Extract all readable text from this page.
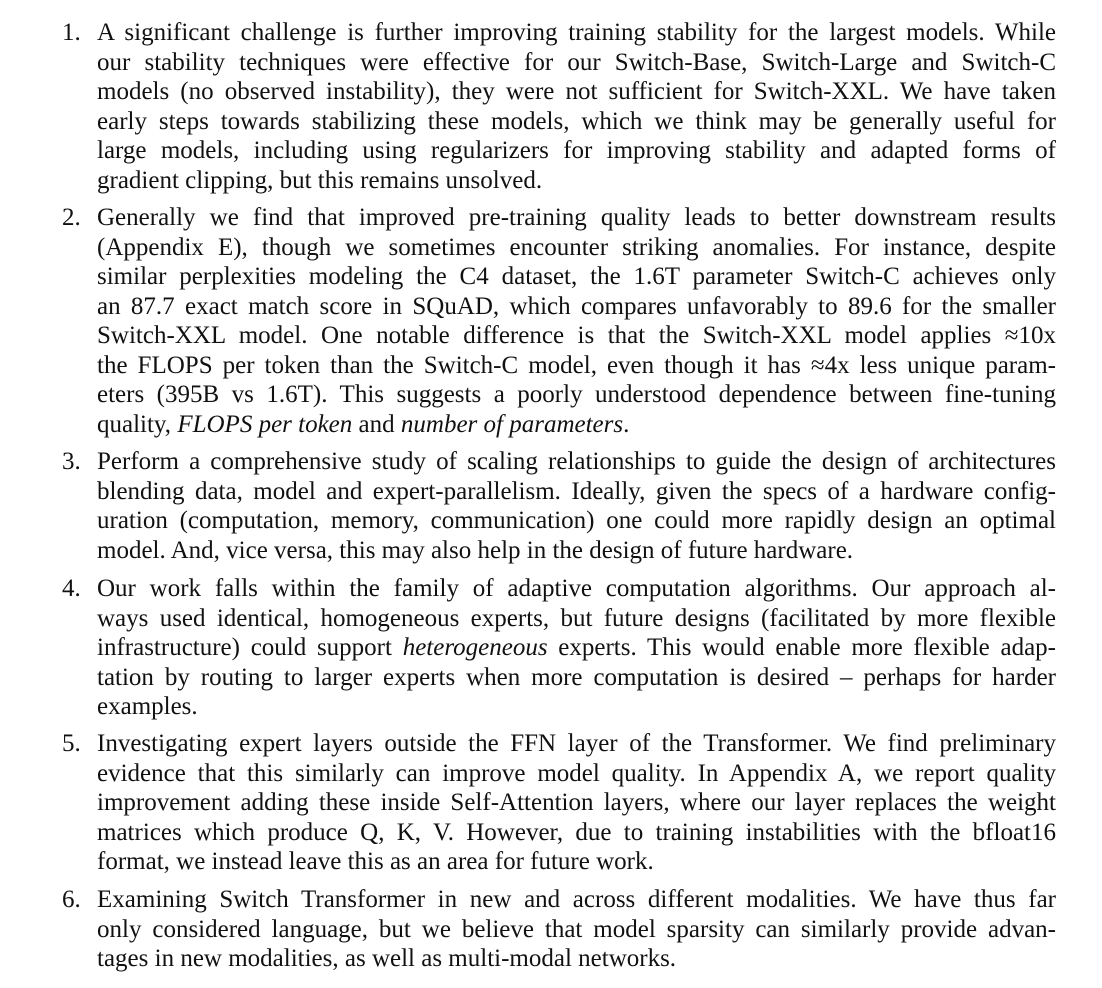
1. A significant challenge is further improving training stability for the largest models. While
our stability techniques were effective for our Switch-Base, Switch-Large and Switch-C
models (no observed instability), they were not sufficient for Switch-XXL. We have taken
early steps towards stabilizing these models, which we think may be generally useful for
large models, including using regularizers for improving stability and adapted forms of
gradient clipping, but this remains unsolved.
2. Generally we find that improved pre-training quality leads to better downstream results
(Appendix E), though we sometimes encounter striking anomalies. For instance, despite
similar perplexities modeling the C4 dataset, the 1.6T parameter Switch-C achieves only
an 87.7 exact match score in SQuAD, which compares unfavorably to 89.6 for the smaller
Switch-XXL model. One notable difference is that the Switch-XXL model applies ≈10x
the FLOPS per token than the Switch-C model, even though it has ≈4x less unique param-
eters (395B vs 1.6T). This suggests a poorly understood dependence between fine-tuning
quality, FLOPS per token and number of parameters.
3. Perform a comprehensive study of scaling relationships to guide the design of architectures
blending data, model and expert-parallelism. Ideally, given the specs of a hardware config-
uration (computation, memory, communication) one could more rapidly design an optimal
model. And, vice versa, this may also help in the design of future hardware.
4. Our work falls within the family of adaptive computation algorithms. Our approach al-
ways used identical, homogeneous experts, but future designs (facilitated by more flexible
infrastructure) could support heterogeneous experts. This would enable more flexible adap-
tation by routing to larger experts when more computation is desired – perhaps for harder
examples.
5. Investigating expert layers outside the FFN layer of the Transformer. We find preliminary
evidence that this similarly can improve model quality. In Appendix A, we report quality
improvement adding these inside Self-Attention layers, where our layer replaces the weight
matrices which produce Q, K, V. However, due to training instabilities with the bfloat16
format, we instead leave this as an area for future work.
6. Examining Switch Transformer in new and across different modalities. We have thus far
only considered language, but we believe that model sparsity can similarly provide advan-
tages in new modalities, as well as multi-modal networks.
